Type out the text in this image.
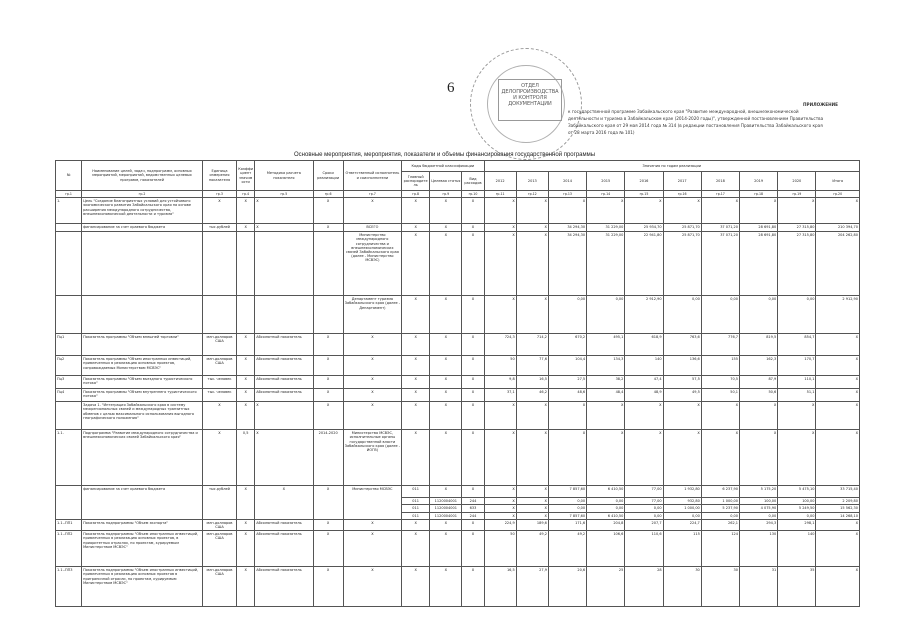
6	ОТДЕЛ ДЕЛОПРОИЗВОДСТВА И КОНТРОЛЯ ДОКУМЕНТАЦИИ	ПРИЛОЖЕНИЕ
к государственной программе Забайкальского края "Развитие международной, внешнеэкономической
деятельности и туризма в Забайкальском крае (2014-2020 годы)", утвержденной постановлением Правительства
Забайкальского края от 29 мая 2014 года № 314 (в редакции постановления Правительства Забайкальского края
от 28 марта 2016 года № 101)
Основные мероприятия, мероприятия, показатели и объемы финансирования государственной программы
№	Наименование целей, задач, подпрограмм, основных мероприятий, мероприятий, ведомственных целевых программ, показателей	Единица измерения показателя	Коэффициент значимости	Методика расчета показателя	Сроки реализации	Ответственный исполнитель и соисполнители	Коды бюджетной классификации			Значения по годам реализации									
							Главный распорядитель	Целевая статья	Вид расходов	2012	2013	2014	2015	2016	2017	2018	2019	2020	Итого
гр.1	гр.2	гр.3	гр.4	гр.5	гр.6	гр.7	гр.8	гр.9	гр.10	гр.11	гр.12	гр.13	гр.14	гр.15	гр.16	гр.17	гр.18	гр.19	гр.20
1.	Цель "Создание благоприятных условий для устойчивого экономического развития Забайкальского края на основе расширения международного сотрудничества, внешнеэкономической деятельности и туризма"	X	X	X	X	X	X	X	X	X	X	X	X	X	X	X	X	X	X
	финансирование за счет краевого бюджета	тыс.рублей	X	X	X	ВСЕГО	X	X	X	X	X	34 294,30	31 229,00	25 934,70	25 871,70	37 071,20	28 691,80	27 315,80	210 394,70
						Министерство международного сотрудничества и внешнеэкономических связей Забайкальского края (далее - Министерство МСВЭС)	X	X	X	X	X	34 294,30	31 229,00	22 941,80	25 871,70	37 071,20	28 691,80	27 315,80	204 262,80
						Департамент туризма Забайкальского края (далее - Департамент)	X	X	X	X	X	0,00	0,00	2 912,90	0,00	0,00	0,00	0,00	2 912,90
Пц1	Показатель программы "Объем внешней торговли"	млн.долларов США	X	Абсолютный показатель	X	X	X	X	X	724,3	714,2	670,2	495,1	618,9	763,6	776,7	819,5	854,7	X
Пц2	Показатель программы "Объем иностранных инвестиций, привлеченных в реализацию основных проектов, сопровождаемых Министерством МСВЭС"	млн.долларов США	X	Абсолютный показатель	X	X	X	X	X	50	77,6	104,4	134,3	140	136,6	155	162,3	170,7	X
Пц3	Показатель программы "Объем въездного туристического потока"	тыс. человек	X	Абсолютный показатель	X	X	X	X	X	9,8	16,5	27,5	38,2	47,4	57,5	70,5	87,9	110,1	X
Пц4	Показатель программы "Объем внутреннего туристического потока"	тыс. человек	X	Абсолютный показатель	X	X	X	X	X	37,1	46,2	48,6	48,4	48,9	49,5	50,1	50,6	51,1	X
	Задача 1. "Интеграция Забайкальского края в систему межрегиональных связей и международных транзитных обменов с целью максимального использования выгодного географического положения"	X	X	X	X	X	X	X	X	X	X	X	X	X	X	X	X	X	X
1.1.	Подпрограмма "Развитие международного сотрудничества и внешнеэкономических связей Забайкальского края"	X	0,5	X	2014-2020	Министерство МСВЭС, исполнительные органы государственной власти Забайкальского края (далее - ИОГВ)	X	X	X	X	X	X	X	X	X	X	X	X	X
	финансирование за счет краевого бюджета	тыс.рублей	X	X	X	Министерство МСВЭС	011	X	X	X	X	7 857,60	6 410,50	77,00	1 932,80	6 237,90	5 175,20	5 475,10	33 715,40
							011	1120004001	244	X	X	0,00	0,00	77,00	932,80	1 000,00	100,00	100,00	2 209,80
							011	1120004001	633	X	X	0,00	0,00	0,00	1 000,00	5 237,90	4 075,90	5 249,50	15 562,30
							011	1120004001	244	X	X	7 857,60	6 410,50	0,00	0,00	0,00	0,00	0,00	14 268,10
1.1.-ПП1	Показатель подпрограммы "Объем экспорта"	млн.долларов США	X	Абсолютный показатель	X	X	X	X	X	224,9	189,6	171,6	204,8	207,7	224,7	262,1	294,3	298,1	X
1.1.-ПП2	Показатель подпрограммы "Объем иностранных инвестиций, привлеченных в реализацию основных проектов, в приоритетных отраслях, по проектам, курируемым Министерством МСВЭС"	млн.долларов США	X	Абсолютный показатель	X	X	X	X	X	50	49,2	49,2	106,6	110,6	115	124	130	140	X
1.1.-ПП3	Показатель подпрограммы "Объем иностранных инвестиций, привлеченных в реализацию основных проектов в приграничной отрасли, по проектам, курируемым Министерством МСВЭС"	млн.долларов США	X	Абсолютный показатель	X	X	X	X	X	16,5	27,9	20,6	25	28	30	30	31	35	X
